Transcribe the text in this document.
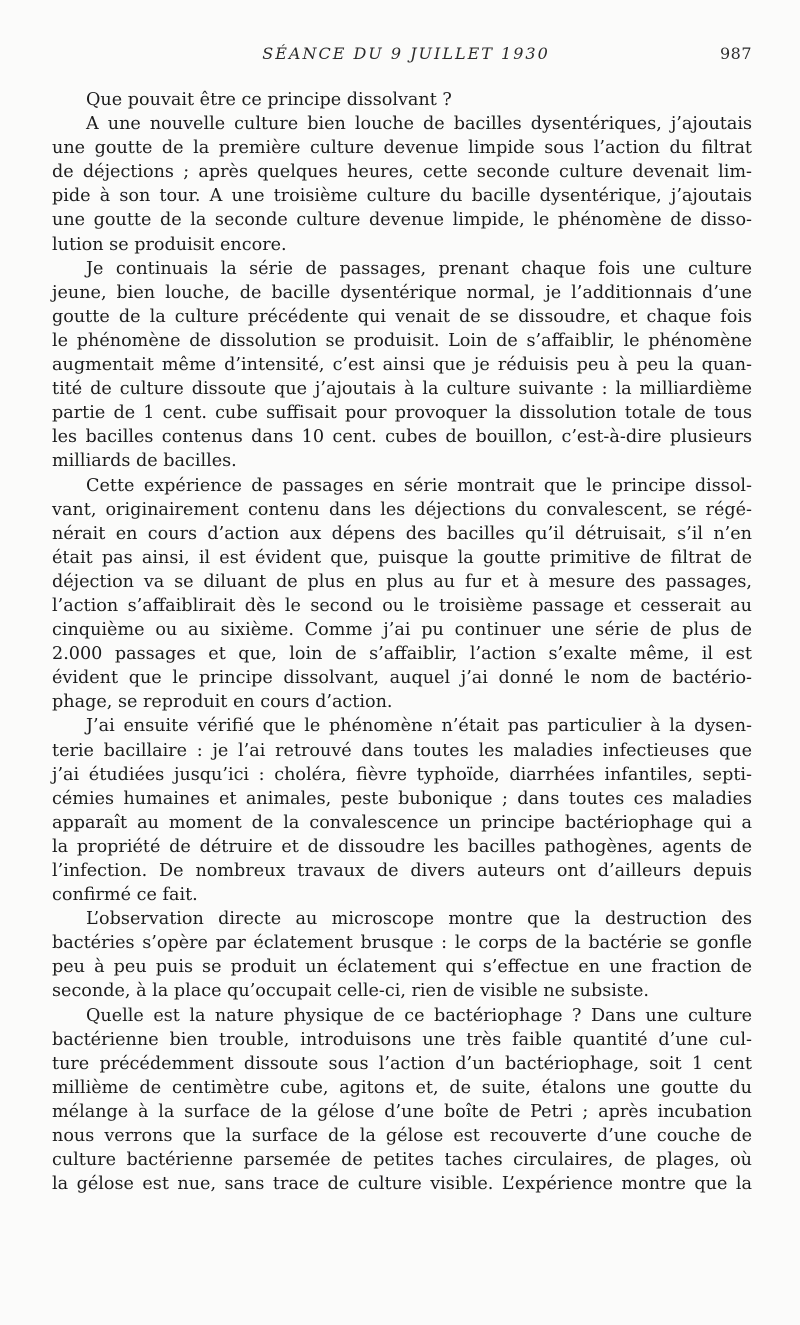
SÉANCE DU 9 JUILLET 1930	987
Que pouvait être ce principe dissolvant ?
A une nouvelle culture bien louche de bacilles dysentériques, j’ajoutais
une goutte de la première culture devenue limpide sous l’action du filtrat
de déjections ; après quelques heures, cette seconde culture devenait lim-
pide à son tour. A une troisième culture du bacille dysentérique, j’ajoutais
une goutte de la seconde culture devenue limpide, le phénomène de disso-
lution se produisit encore.
Je continuais la série de passages, prenant chaque fois une culture
jeune, bien louche, de bacille dysentérique normal, je l’additionnais d’une
goutte de la culture précédente qui venait de se dissoudre, et chaque fois
le phénomène de dissolution se produisit. Loin de s’affaiblir, le phénomène
augmentait même d’intensité, c’est ainsi que je réduisis peu à peu la quan-
tité de culture dissoute que j’ajoutais à la culture suivante : la milliardième
partie de 1 cent. cube suffisait pour provoquer la dissolution totale de tous
les bacilles contenus dans 10 cent. cubes de bouillon, c’est-à-dire plusieurs
milliards de bacilles.
Cette expérience de passages en série montrait que le principe dissol-
vant, originairement contenu dans les déjections du convalescent, se régé-
nérait en cours d’action aux dépens des bacilles qu’il détruisait, s’il n’en
était pas ainsi, il est évident que, puisque la goutte primitive de filtrat de
déjection va se diluant de plus en plus au fur et à mesure des passages,
l’action s’affaiblirait dès le second ou le troisième passage et cesserait au
cinquième ou au sixième. Comme j’ai pu continuer une série de plus de
2.000 passages et que, loin de s’affaiblir, l’action s’exalte même, il est
évident que le principe dissolvant, auquel j’ai donné le nom de bactério-
phage, se reproduit en cours d’action.
J’ai ensuite vérifié que le phénomène n’était pas particulier à la dysen-
terie bacillaire : je l’ai retrouvé dans toutes les maladies infectieuses que
j’ai étudiées jusqu’ici : choléra, fièvre typhoïde, diarrhées infantiles, septi-
cémies humaines et animales, peste bubonique ; dans toutes ces maladies
apparaît au moment de la convalescence un principe bactériophage qui a
la propriété de détruire et de dissoudre les bacilles pathogènes, agents de
l’infection. De nombreux travaux de divers auteurs ont d’ailleurs depuis
confirmé ce fait.
L’observation directe au microscope montre que la destruction des
bactéries s’opère par éclatement brusque : le corps de la bactérie se gonfle
peu à peu puis se produit un éclatement qui s’effectue en une fraction de
seconde, à la place qu’occupait celle-ci, rien de visible ne subsiste.
Quelle est la nature physique de ce bactériophage ? Dans une culture
bactérienne bien trouble, introduisons une très faible quantité d’une cul-
ture précédemment dissoute sous l’action d’un bactériophage, soit 1 cent
millième de centimètre cube, agitons et, de suite, étalons une goutte du
mélange à la surface de la gélose d’une boîte de Petri ; après incubation
nous verrons que la surface de la gélose est recouverte d’une couche de
culture bactérienne parsemée de petites taches circulaires, de plages, où
la gélose est nue, sans trace de culture visible. L’expérience montre que la
